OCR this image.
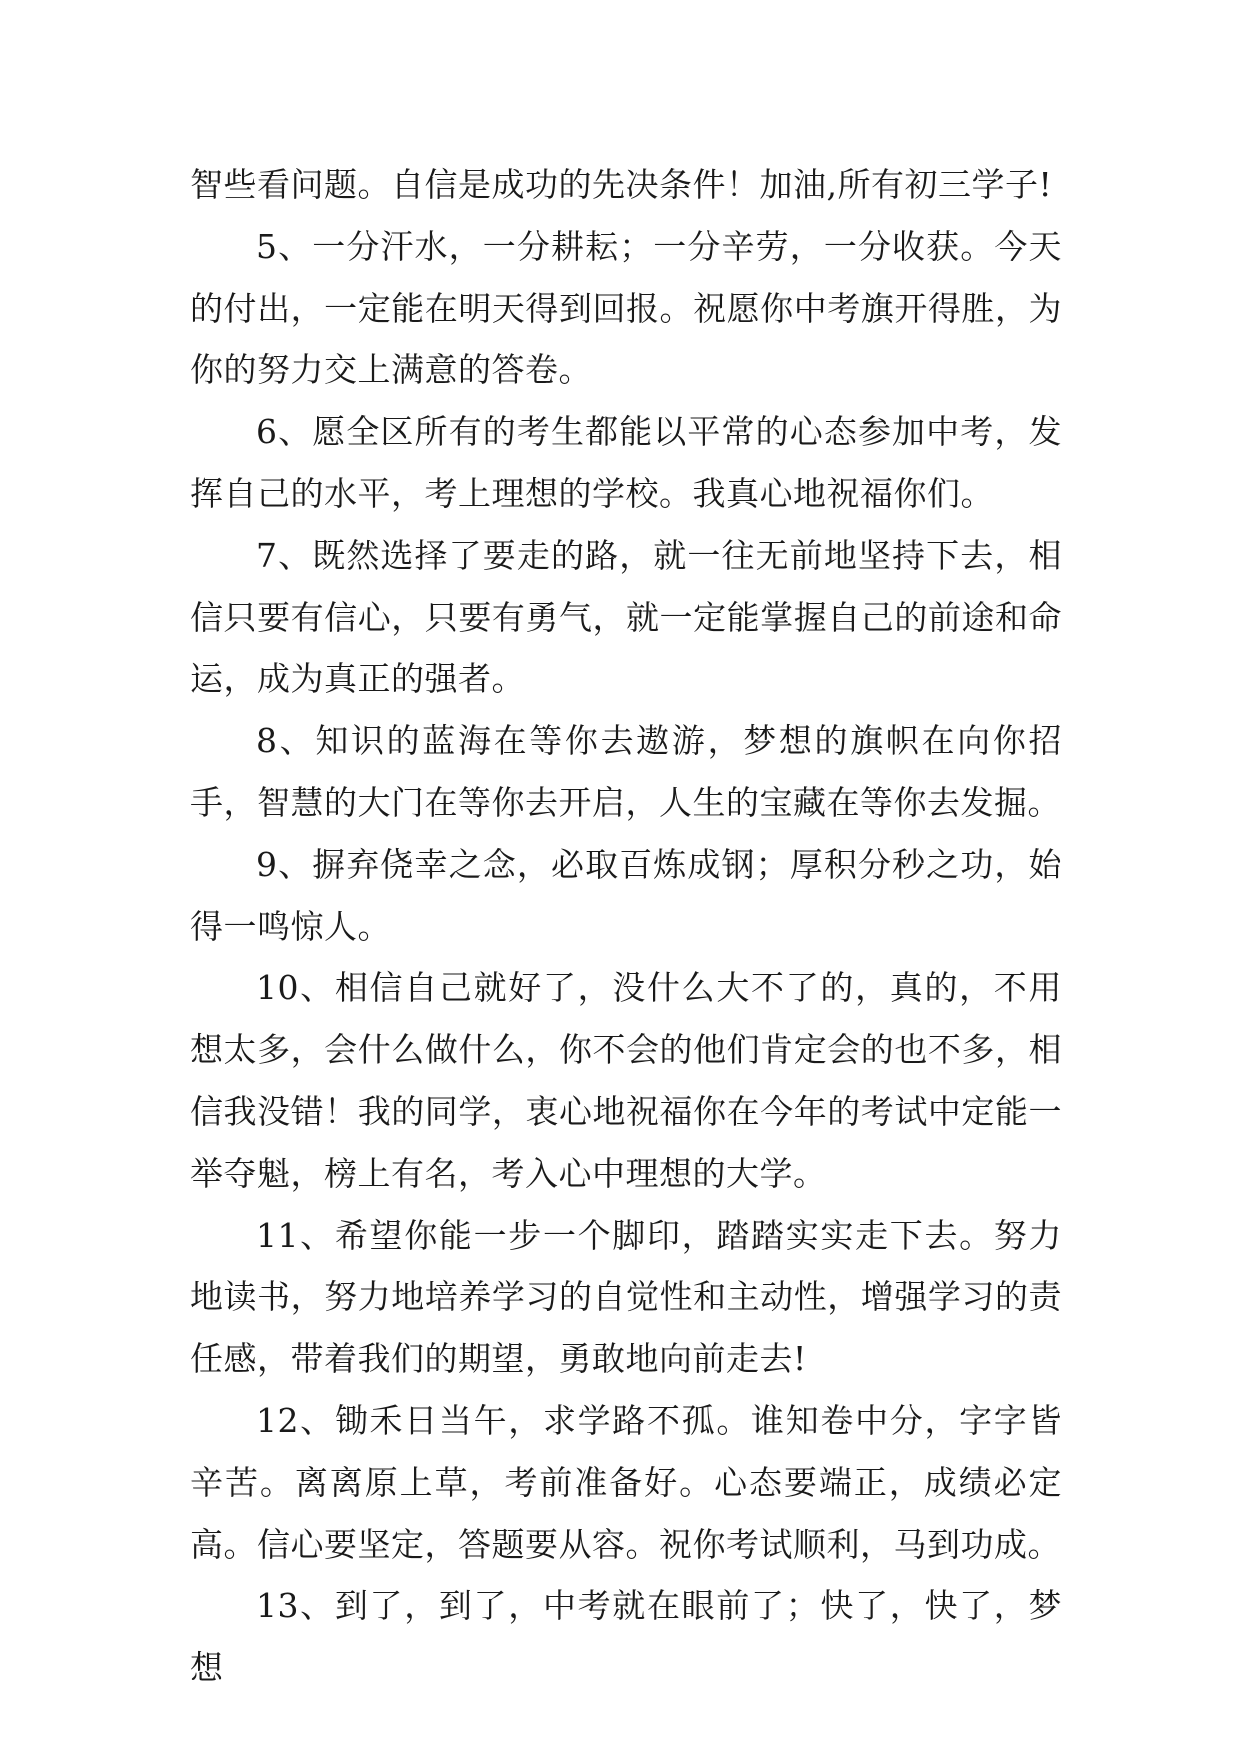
智些看问题。自信是成功的先决条件！加油,所有初三学子!

5、一分汗水，一分耕耘；一分辛劳，一分收获。今天的付出，一定能在明天得到回报。祝愿你中考旗开得胜，为你的努力交上满意的答卷。

6、愿全区所有的考生都能以平常的心态参加中考，发挥自己的水平，考上理想的学校。我真心地祝福你们。

7、既然选择了要走的路，就一往无前地坚持下去，相信只要有信心，只要有勇气，就一定能掌握自己的前途和命运，成为真正的强者。

8、知识的蓝海在等你去遨游，梦想的旗帜在向你招手，智慧的大门在等你去开启，人生的宝藏在等你去发掘。

9、摒弃侥幸之念，必取百炼成钢；厚积分秒之功，始得一鸣惊人。

10、相信自己就好了，没什么大不了的，真的，不用想太多，会什么做什么，你不会的他们肯定会的也不多，相信我没错！我的同学，衷心地祝福你在今年的考试中定能一举夺魁，榜上有名，考入心中理想的大学。

11、希望你能一步一个脚印，踏踏实实走下去。努力地读书，努力地培养学习的自觉性和主动性，增强学习的责任感，带着我们的期望，勇敢地向前走去!

12、锄禾日当午，求学路不孤。谁知卷中分，字字皆辛苦。离离原上草，考前准备好。心态要端正，成绩必定高。信心要坚定，答题要从容。祝你考试顺利，马到功成。

13、到了，到了，中考就在眼前了；快了，快了，梦想
